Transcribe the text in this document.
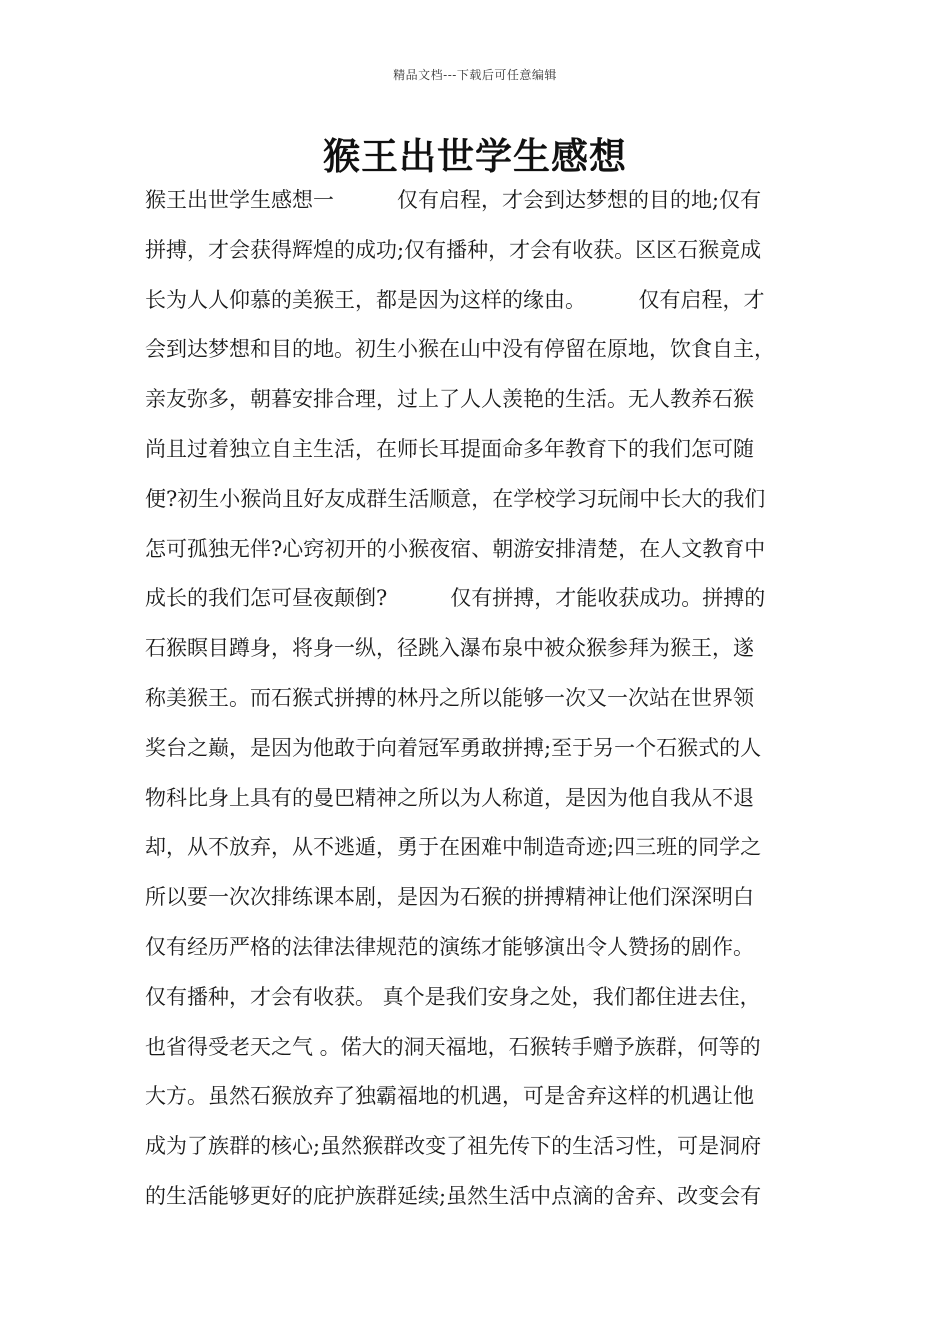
精品文档---下载后可任意编辑
猴王出世学生感想
猴王出世学生感想一　　　仅有启程，才会到达梦想的目的地;仅有
拼搏，才会获得辉煌的成功;仅有播种，才会有收获。区区石猴竟成
长为人人仰慕的美猴王，都是因为这样的缘由。　　　仅有启程，才
会到达梦想和目的地。初生小猴在山中没有停留在原地，饮食自主，
亲友弥多，朝暮安排合理，过上了人人羡艳的生活。无人教养石猴
尚且过着独立自主生活，在师长耳提面命多年教育下的我们怎可随
便?初生小猴尚且好友成群生活顺意，在学校学习玩闹中长大的我们
怎可孤独无伴?心窍初开的小猴夜宿、朝游安排清楚，在人文教育中
成长的我们怎可昼夜颠倒?　　　仅有拼搏，才能收获成功。拼搏的
石猴瞑目蹲身，将身一纵，径跳入瀑布泉中被众猴参拜为猴王，遂
称美猴王。而石猴式拼搏的林丹之所以能够一次又一次站在世界领
奖台之巅，是因为他敢于向着冠军勇敢拼搏;至于另一个石猴式的人
物科比身上具有的曼巴精神之所以为人称道，是因为他自我从不退
却，从不放弃，从不逃遁，勇于在困难中制造奇迹;四三班的同学之
所以要一次次排练课本剧，是因为石猴的拼搏精神让他们深深明白
仅有经历严格的法律法律规范的演练才能够演出令人赞扬的剧作。
仅有播种，才会有收获。 真个是我们安身之处，我们都住进去住，
也省得受老天之气 。偌大的洞天福地，石猴转手赠予族群，何等的
大方。虽然石猴放弃了独霸福地的机遇，可是舍弃这样的机遇让他
成为了族群的核心;虽然猴群改变了祖先传下的生活习性，可是洞府
的生活能够更好的庇护族群延续;虽然生活中点滴的舍弃、改变会有
